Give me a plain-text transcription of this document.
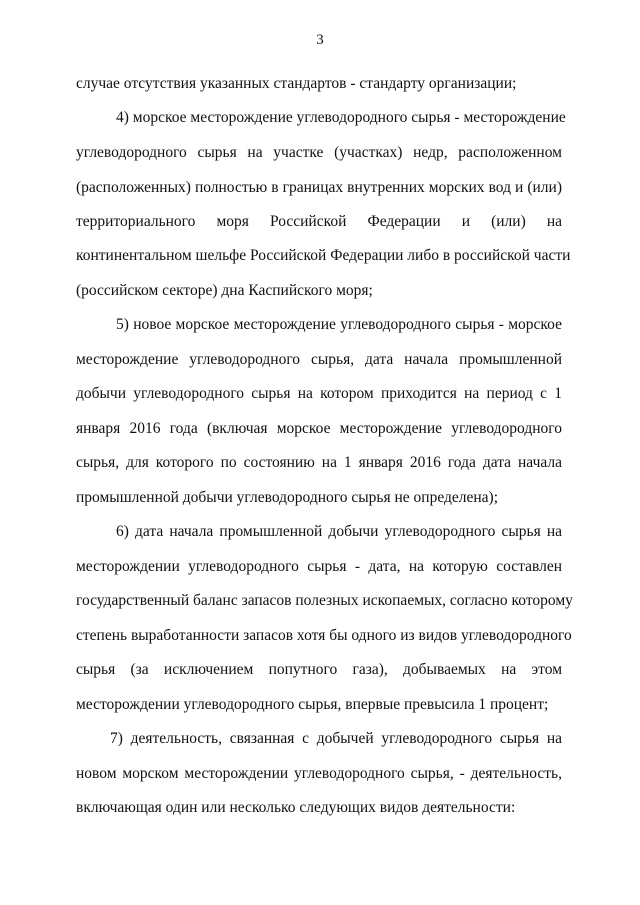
3
случае отсутствия указанных стандартов - стандарту организации;
4) морское месторождение углеводородного сырья - месторождение
углеводородного сырья на участке (участках) недр, расположенном
(расположенных) полностью в границах внутренних морских вод и (или)
территориального моря Российской Федерации и (или) на
континентальном шельфе Российской Федерации либо в российской части
(российском секторе) дна Каспийского моря;
5) новое морское месторождение углеводородного сырья - морское
месторождение углеводородного сырья, дата начала промышленной
добычи углеводородного сырья на котором приходится на период с 1
января 2016 года (включая морское месторождение углеводородного
сырья, для которого по состоянию на 1 января 2016 года дата начала
промышленной добычи углеводородного сырья не определена);
6) дата начала промышленной добычи углеводородного сырья на
месторождении углеводородного сырья - дата, на которую составлен
государственный баланс запасов полезных ископаемых, согласно которому
степень выработанности запасов хотя бы одного из видов углеводородного
сырья (за исключением попутного газа), добываемых на этом
месторождении углеводородного сырья, впервые превысила 1 процент;
7) деятельность, связанная с добычей углеводородного сырья на
новом морском месторождении углеводородного сырья, - деятельность,
включающая один или несколько следующих видов деятельности:
